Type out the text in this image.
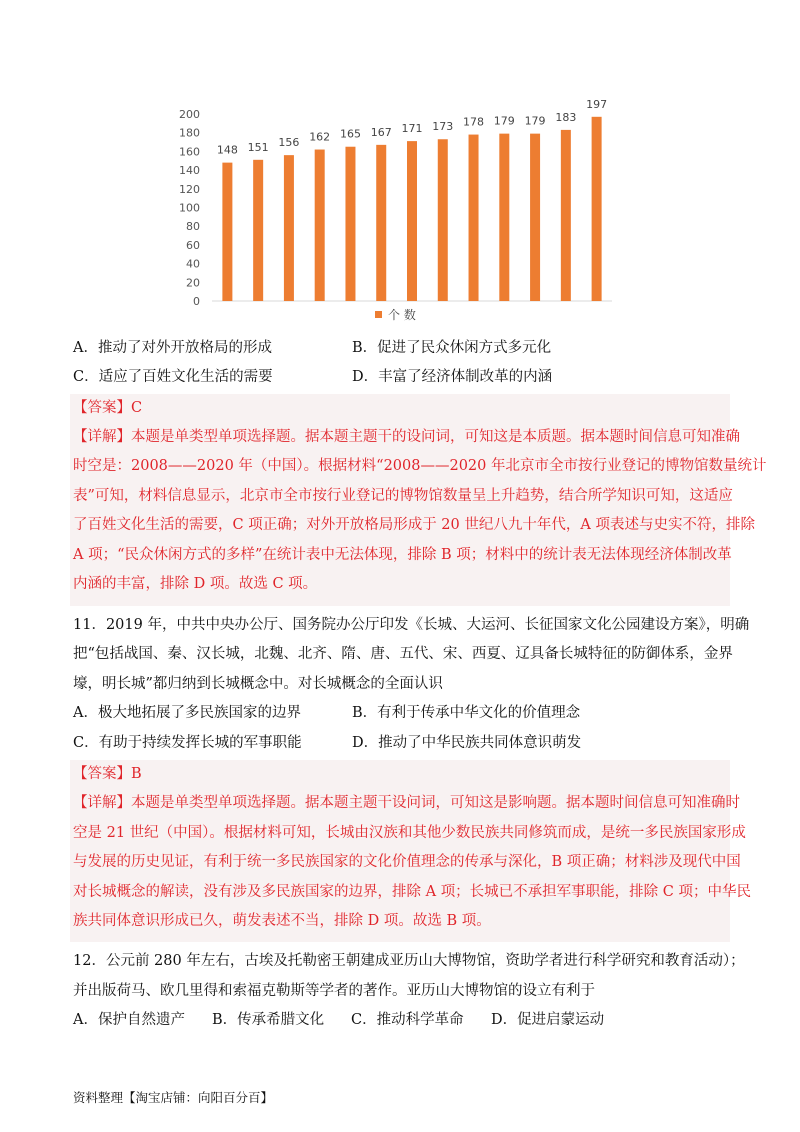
0
20
40
60
80
100
120
140
160
180
200
148 151 156 162 165 167 171 173 178 179 179 183
197
个 数
A．推动了对外开放格局的形成	B．促进了民众休闲方式多元化
C．适应了百姓文化生活的需要	D．丰富了经济体制改革的内涵
【答案】C
【详解】本题是单类型单项选择题。据本题主题干的设问词，可知这是本质题。据本题时间信息可知准确
时空是：2008——2020 年（中国）。根据材料“2008——2020 年北京市全市按行业登记的博物馆数量统计
表”可知，材料信息显示，北京市全市按行业登记的博物馆数量呈上升趋势，结合所学知识可知，这适应
了百姓文化生活的需要，C 项正确；对外开放格局形成于 20 世纪八九十年代，A 项表述与史实不符，排除
A 项；“民众休闲方式的多样”在统计表中无法体现，排除 B 项；材料中的统计表无法体现经济体制改革
内涵的丰富，排除 D 项。故选 C 项。
11．2019 年，中共中央办公厅、国务院办公厅印发《长城、大运河、长征国家文化公园建设方案》，明确
把“包括战国、秦、汉长城，北魏、北齐、隋、唐、五代、宋、西夏、辽具备长城特征的防御体系，金界
壕，明长城”都归纳到长城概念中。对长城概念的全面认识
A．极大地拓展了多民族国家的边界	B．有利于传承中华文化的价值理念
C．有助于持续发挥长城的军事职能	D．推动了中华民族共同体意识萌发
【答案】B
【详解】本题是单类型单项选择题。据本题主题干设问词，可知这是影响题。据本题时间信息可知准确时
空是 21 世纪（中国）。根据材料可知，长城由汉族和其他少数民族共同修筑而成，是统一多民族国家形成
与发展的历史见证，有利于统一多民族国家的文化价值理念的传承与深化，B 项正确；材料涉及现代中国
对长城概念的解读，没有涉及多民族国家的边界，排除 A 项；长城已不承担军事职能，排除 C 项；中华民
族共同体意识形成已久，萌发表述不当，排除 D 项。故选 B 项。
12．公元前 280 年左右，古埃及托勒密王朝建成亚历山大博物馆，资助学者进行科学研究和教育活动）；
并出版荷马、欧几里得和索福克勒斯等学者的著作。亚历山大博物馆的设立有利于
A．保护自然遗产 B．传承希腊文化 C．推动科学革命 D．促进启蒙运动
资料整理【淘宝店铺：向阳百分百】
